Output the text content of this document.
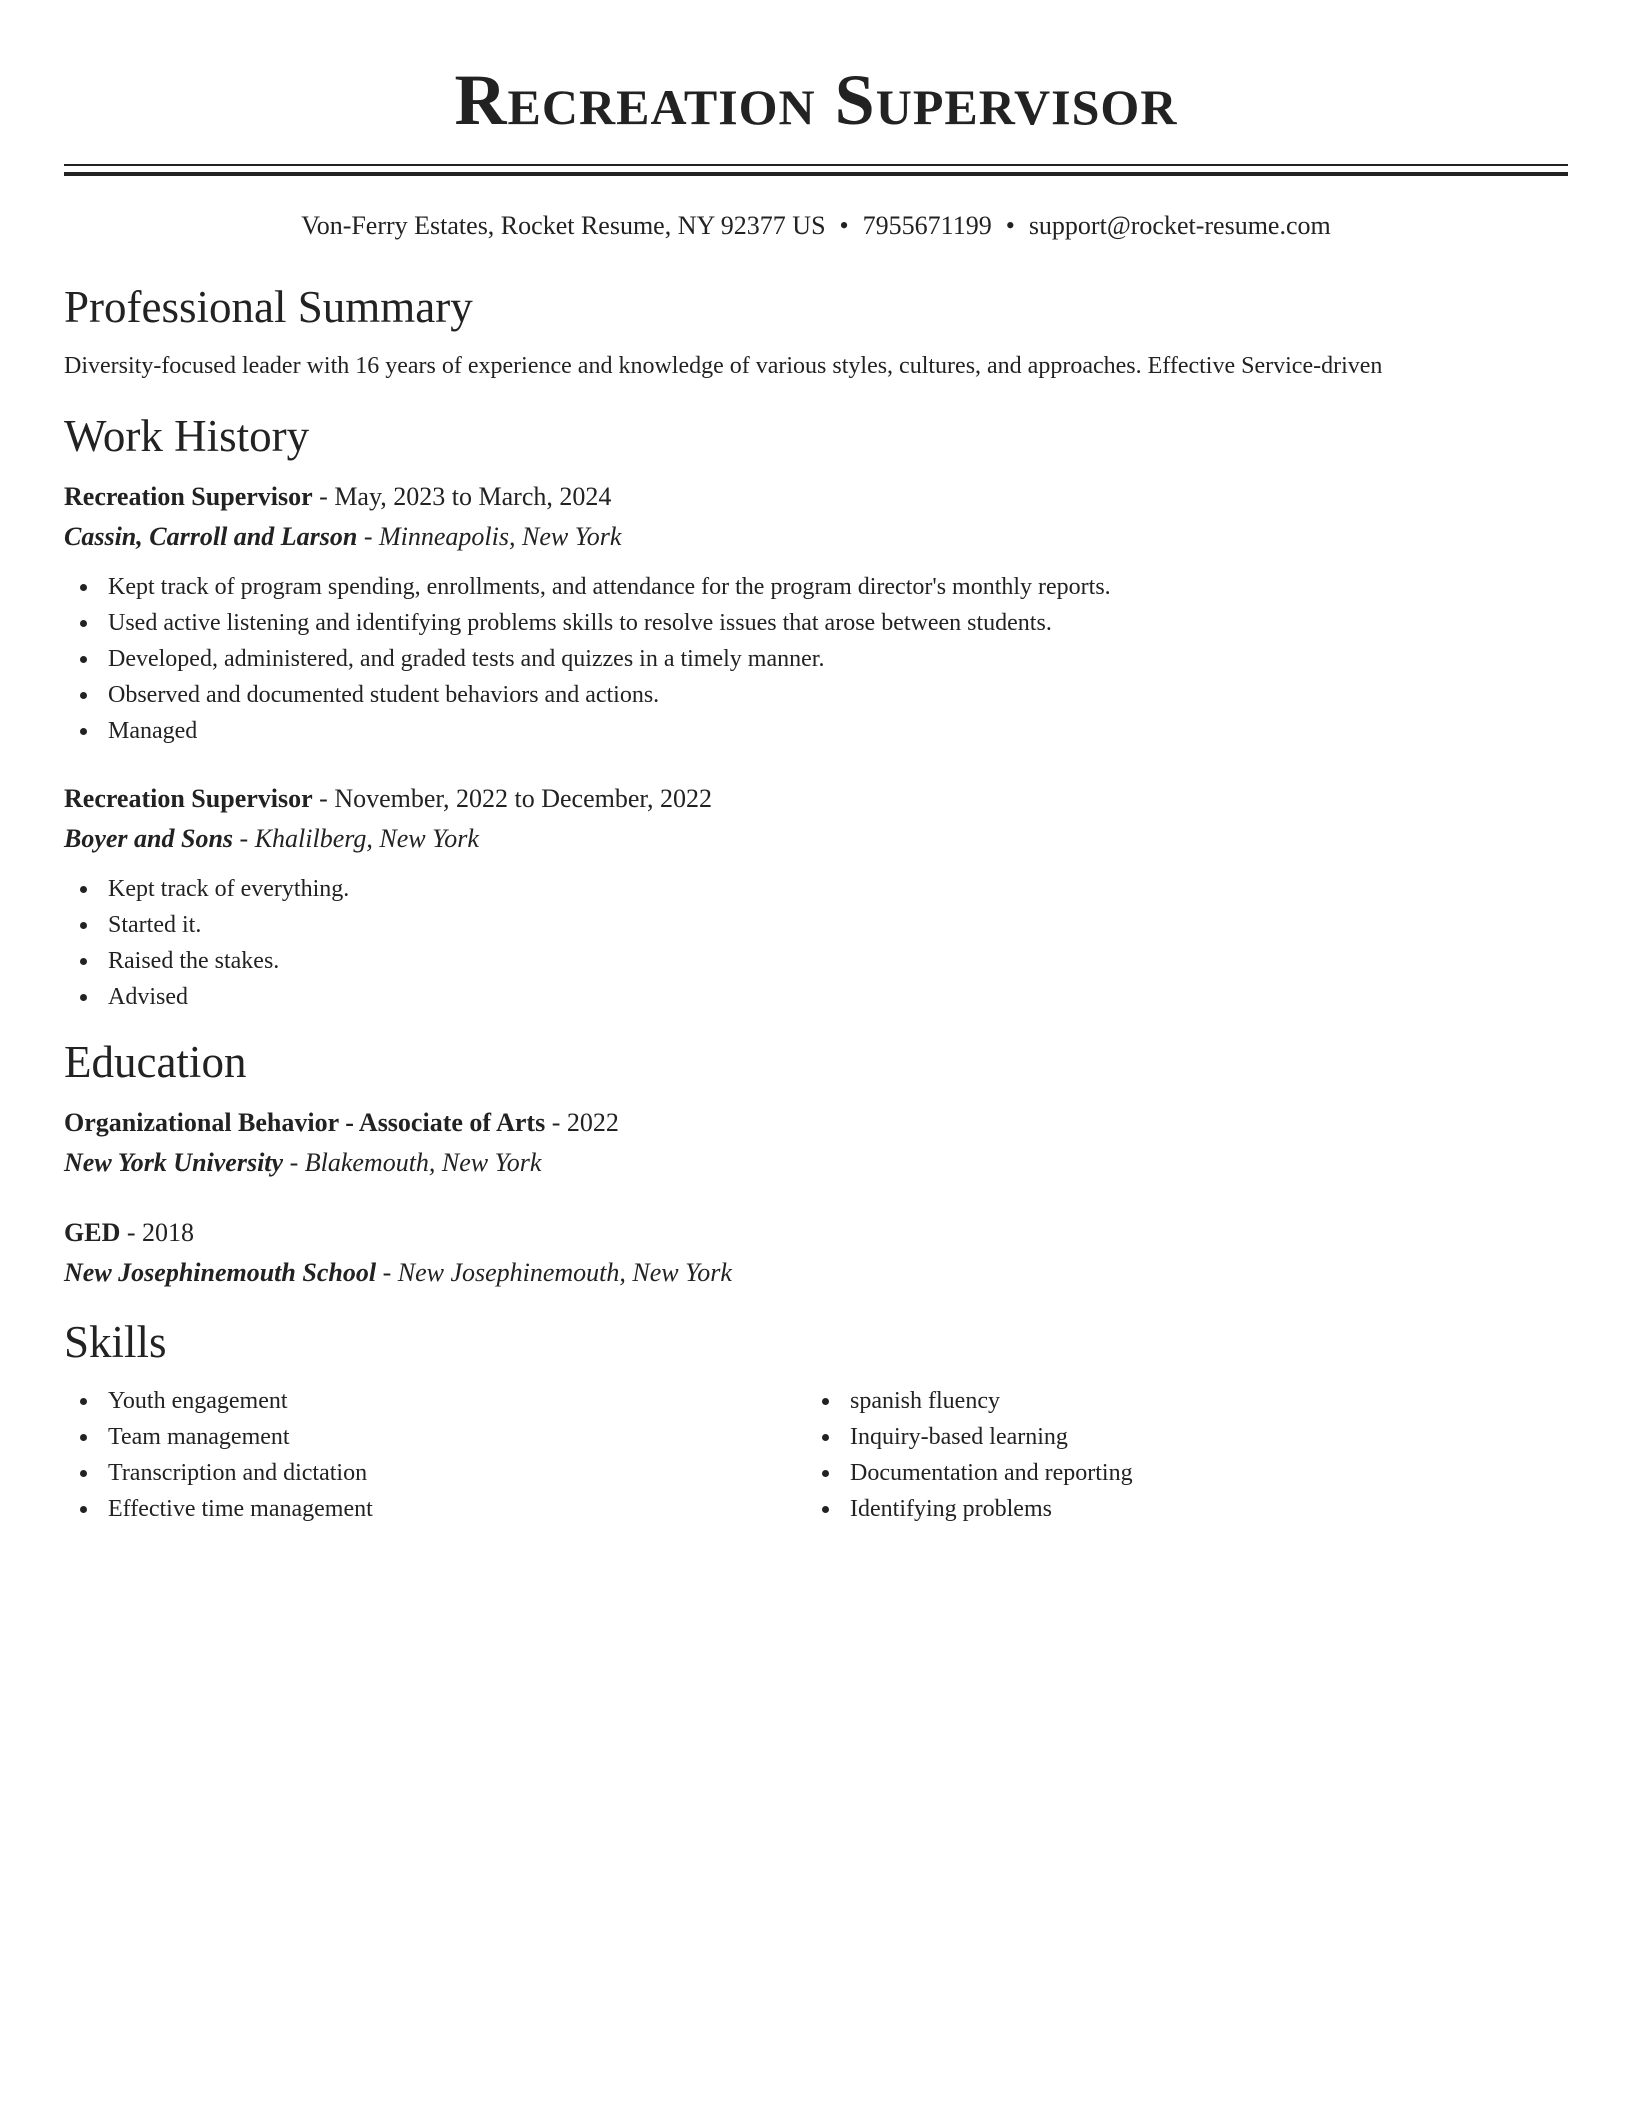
Recreation Supervisor
Von-Ferry Estates, Rocket Resume, NY 92377 US • 7955671199 • support@rocket-resume.com
Professional Summary
Diversity-focused leader with 16 years of experience and knowledge of various styles, cultures, and approaches. Effective Service-driven
Work History
Recreation Supervisor - May, 2023 to March, 2024
Cassin, Carroll and Larson - Minneapolis, New York
Kept track of program spending, enrollments, and attendance for the program director's monthly reports.
Used active listening and identifying problems skills to resolve issues that arose between students.
Developed, administered, and graded tests and quizzes in a timely manner.
Observed and documented student behaviors and actions.
Managed
Recreation Supervisor - November, 2022 to December, 2022
Boyer and Sons - Khalilberg, New York
Kept track of everything.
Started it.
Raised the stakes.
Advised
Education
Organizational Behavior - Associate of Arts - 2022
New York University - Blakemouth, New York
GED - 2018
New Josephinemouth School - New Josephinemouth, New York
Skills
Youth engagement
Team management
Transcription and dictation
Effective time management
spanish fluency
Inquiry-based learning
Documentation and reporting
Identifying problems
